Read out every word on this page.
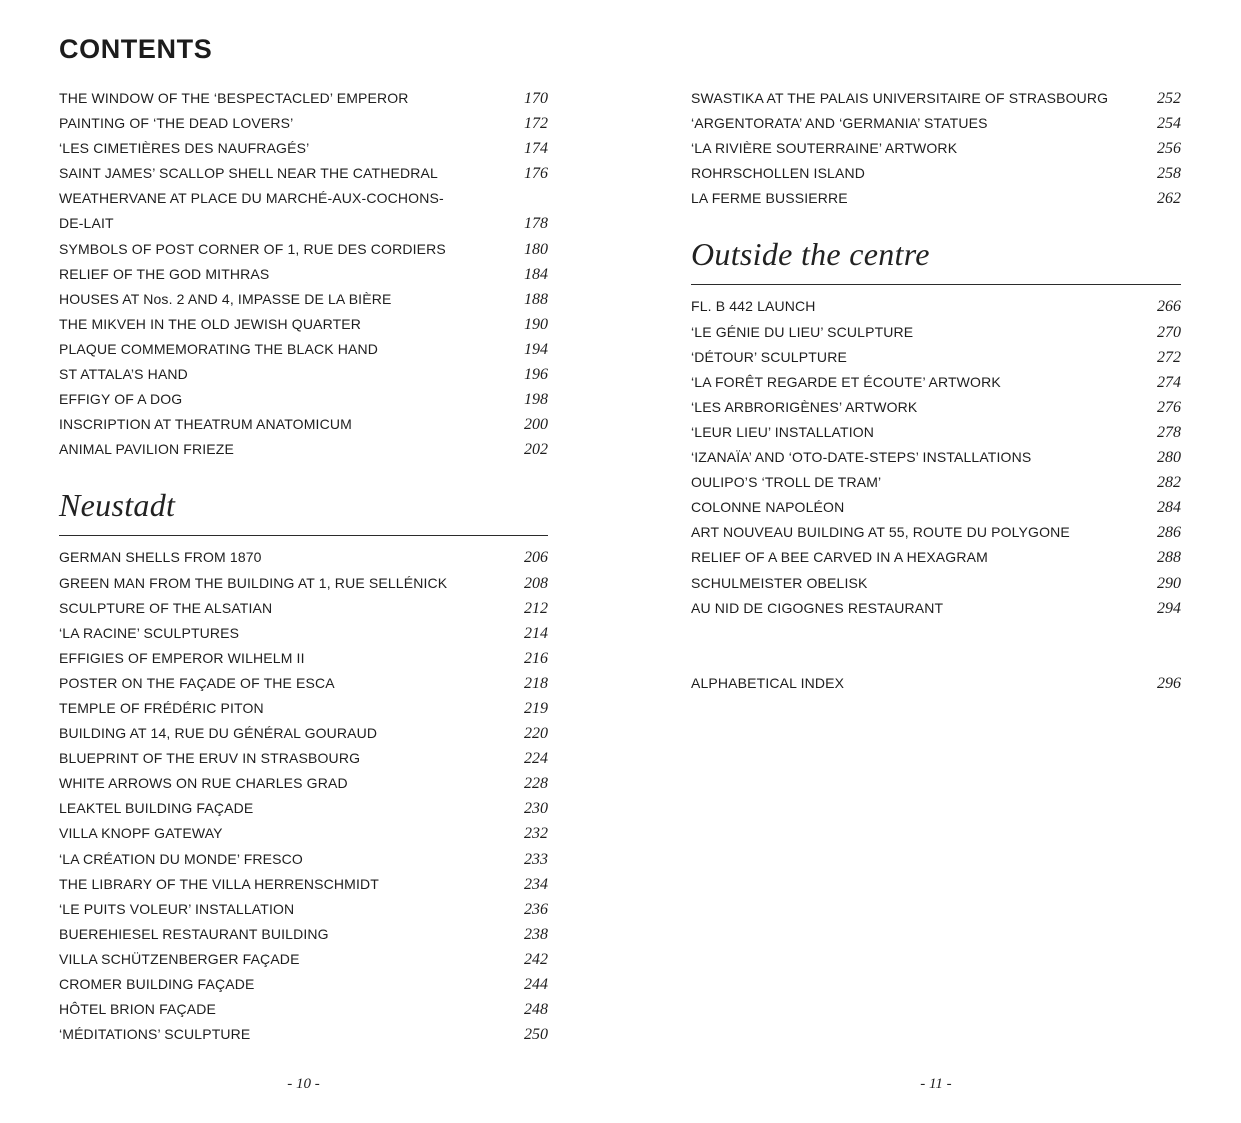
CONTENTS
THE WINDOW OF THE ‘BESPECTACLED’ EMPEROR	170
PAINTING OF ‘THE DEAD LOVERS’	172
‘LES CIMETIÈRES DES NAUFRAGÉS’	174
SAINT JAMES’ SCALLOP SHELL NEAR THE CATHEDRAL	176
WEATHERVANE AT PLACE DU MARCHÉ-AUX-COCHONS-
DE-LAIT	178
SYMBOLS OF POST CORNER OF 1, RUE DES CORDIERS	180
RELIEF OF THE GOD MITHRAS	184
HOUSES AT Nos. 2 AND 4, IMPASSE DE LA BIÈRE	188
THE MIKVEH IN THE OLD JEWISH QUARTER	190
PLAQUE COMMEMORATING THE BLACK HAND	194
ST ATTALA’S HAND	196
EFFIGY OF A DOG	198
INSCRIPTION AT THEATRUM ANATOMICUM	200
ANIMAL PAVILION FRIEZE	202
Neustadt
GERMAN SHELLS FROM 1870	206
GREEN MAN FROM THE BUILDING AT 1, RUE SELLÉNICK	208
SCULPTURE OF THE ALSATIAN	212
‘LA RACINE’ SCULPTURES	214
EFFIGIES OF EMPEROR WILHELM II	216
POSTER ON THE FAÇADE OF THE ESCA	218
TEMPLE OF FRÉDÉRIC PITON	219
BUILDING AT 14, RUE DU GÉNÉRAL GOURAUD	220
BLUEPRINT OF THE ERUV IN STRASBOURG	224
WHITE ARROWS ON RUE CHARLES GRAD	228
LEAKTEL BUILDING FAÇADE	230
VILLA KNOPF GATEWAY	232
‘LA CRÉATION DU MONDE’ FRESCO	233
THE LIBRARY OF THE VILLA HERRENSCHMIDT	234
‘LE PUITS VOLEUR’ INSTALLATION	236
BUEREHIESEL RESTAURANT BUILDING	238
VILLA SCHÜTZENBERGER FAÇADE	242
CROMER BUILDING FAÇADE	244
HÔTEL BRION FAÇADE	248
‘MÉDITATIONS’ SCULPTURE	250
- 10 -
SWASTIKA AT THE PALAIS UNIVERSITAIRE OF STRASBOURG	252
‘ARGENTORATA’ AND ‘GERMANIA’ STATUES	254
‘LA RIVIÈRE SOUTERRAINE’ ARTWORK	256
ROHRSCHOLLEN ISLAND	258
LA FERME BUSSIERRE	262
Outside the centre
FL. B 442 LAUNCH	266
‘LE GÉNIE DU LIEU’ SCULPTURE	270
‘DÉTOUR’ SCULPTURE	272
‘LA FORÊT REGARDE ET ÉCOUTE’ ARTWORK	274
‘LES ARBRORIGÈNES’ ARTWORK	276
‘LEUR LIEU’ INSTALLATION	278
‘IZANAÏA’ AND ‘OTO-DATE-STEPS’ INSTALLATIONS	280
OULIPO’S ‘TROLL DE TRAM’	282
COLONNE NAPOLÉON	284
ART NOUVEAU BUILDING AT 55, ROUTE DU POLYGONE	286
RELIEF OF A BEE CARVED IN A HEXAGRAM	288
SCHULMEISTER OBELISK	290
AU NID DE CIGOGNES RESTAURANT	294
ALPHABETICAL INDEX	296
- 11 -
